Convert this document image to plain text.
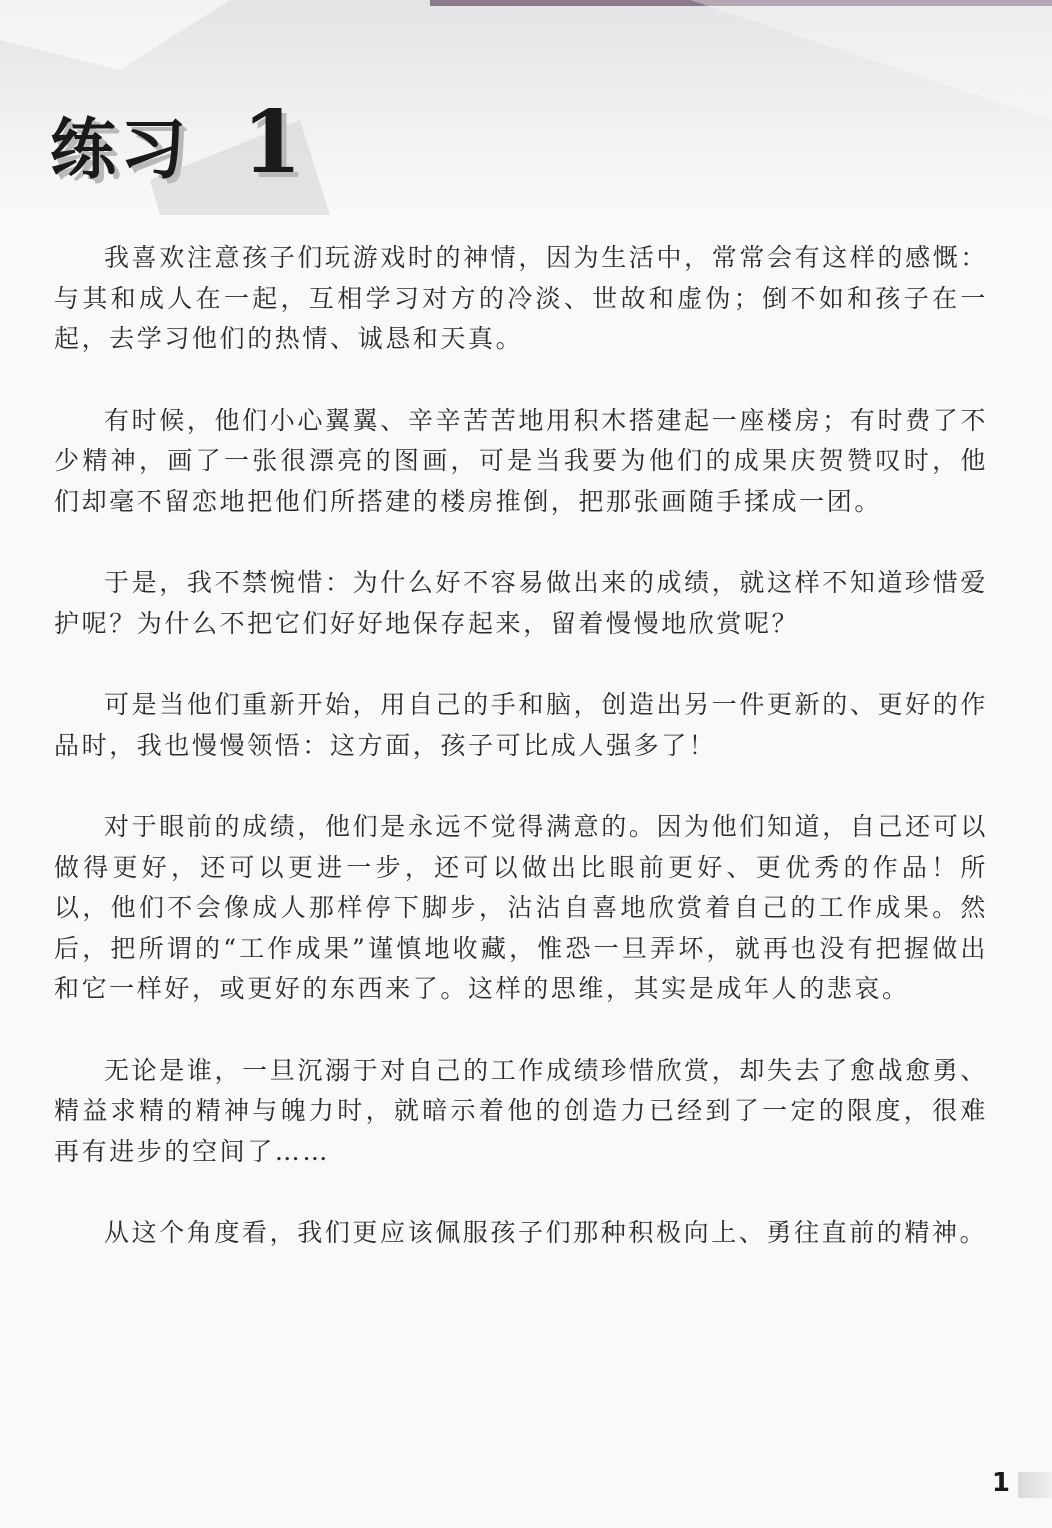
练习 1

我喜欢注意孩子们玩游戏时的神情，因为生活中，常常会有这样的感慨：与其和成人在一起，互相学习对方的冷淡、世故和虚伪；倒不如和孩子在一起，去学习他们的热情、诚恳和天真。

有时候，他们小心翼翼、辛辛苦苦地用积木搭建起一座楼房；有时费了不少精神，画了一张很漂亮的图画，可是当我要为他们的成果庆贺赞叹时，他们却毫不留恋地把他们所搭建的楼房推倒，把那张画随手揉成一团。

于是，我不禁惋惜：为什么好不容易做出来的成绩，就这样不知道珍惜爱护呢？为什么不把它们好好地保存起来，留着慢慢地欣赏呢？

可是当他们重新开始，用自己的手和脑，创造出另一件更新的、更好的作品时，我也慢慢领悟：这方面，孩子可比成人强多了！

对于眼前的成绩，他们是永远不觉得满意的。因为他们知道，自己还可以做得更好，还可以更进一步，还可以做出比眼前更好、更优秀的作品！所以，他们不会像成人那样停下脚步，沾沾自喜地欣赏着自己的工作成果。然后，把所谓的“工作成果”谨慎地收藏，惟恐一旦弄坏，就再也没有把握做出和它一样好，或更好的东西来了。这样的思维，其实是成年人的悲哀。

无论是谁，一旦沉溺于对自己的工作成绩珍惜欣赏，却失去了愈战愈勇、精益求精的精神与魄力时，就暗示着他的创造力已经到了一定的限度，很难再有进步的空间了……

从这个角度看，我们更应该佩服孩子们那种积极向上、勇往直前的精神。

1
